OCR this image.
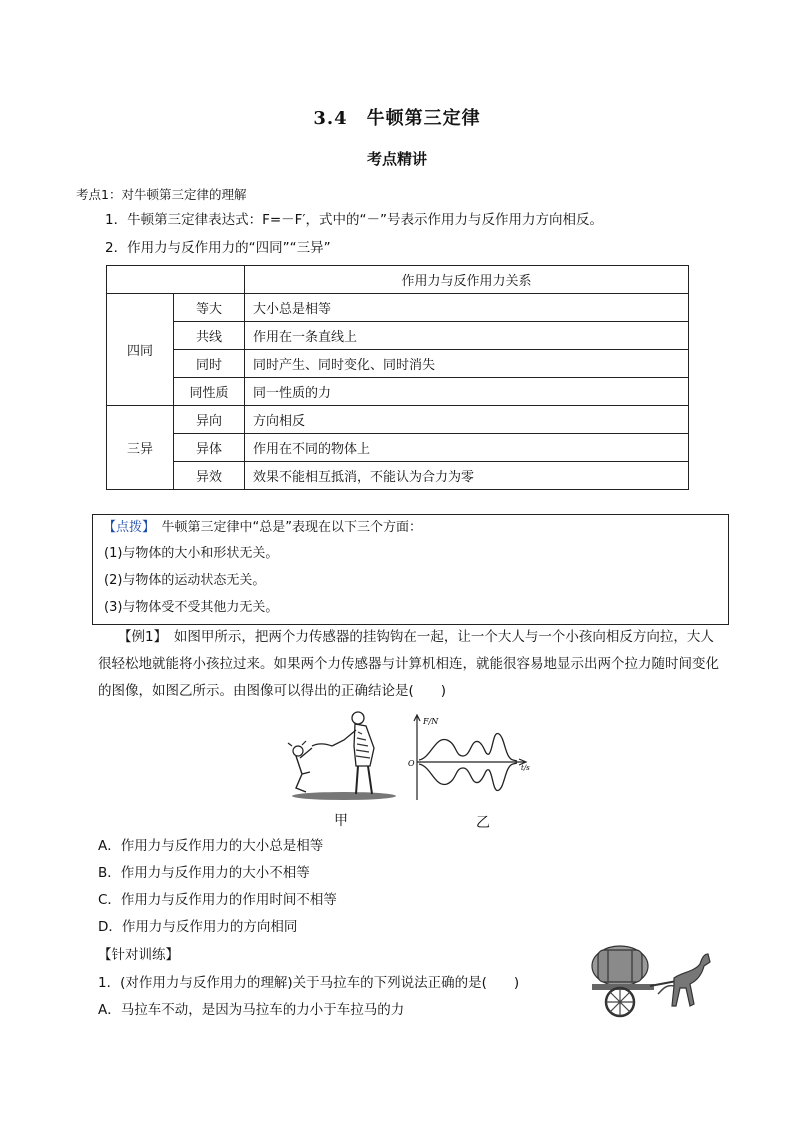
3.4　牛顿第三定律
考点精讲
考点1：对牛顿第三定律的理解
1．牛顿第三定律表达式：F=－F′，式中的“－”号表示作用力与反作用力方向相反。
2．作用力与反作用力的“四同”“三异”
		作用力与反作用力关系
四同	等大	大小总是相等
	共线	作用在一条直线上
	同时	同时产生、同时变化、同时消失
	同性质	同一性质的力
三异	异向	方向相反
	异体	作用在不同的物体上
	异效	效果不能相互抵消，不能认为合力为零
【点拨】　牛顿第三定律中“总是”表现在以下三个方面：
(1)与物体的大小和形状无关。
(2)与物体的运动状态无关。
(3)与物体受不受其他力无关。
【例1】　如图甲所示，把两个力传感器的挂钩钩在一起，让一个大人与一个小孩向相反方向拉，大人
很轻松地就能将小孩拉过来。如果两个力传感器与计算机相连，就能很容易地显示出两个拉力随时间变化
的图像，如图乙所示。由图像可以得出的正确结论是(　　)
F/N
t/s
O
甲	乙
A．作用力与反作用力的大小总是相等
B．作用力与反作用力的大小不相等
C．作用力与反作用力的作用时间不相等
D．作用力与反作用力的方向相同
【针对训练】
1．(对作用力与反作用力的理解)关于马拉车的下列说法正确的是(　　)
A．马拉车不动，是因为马拉车的力小于车拉马的力
